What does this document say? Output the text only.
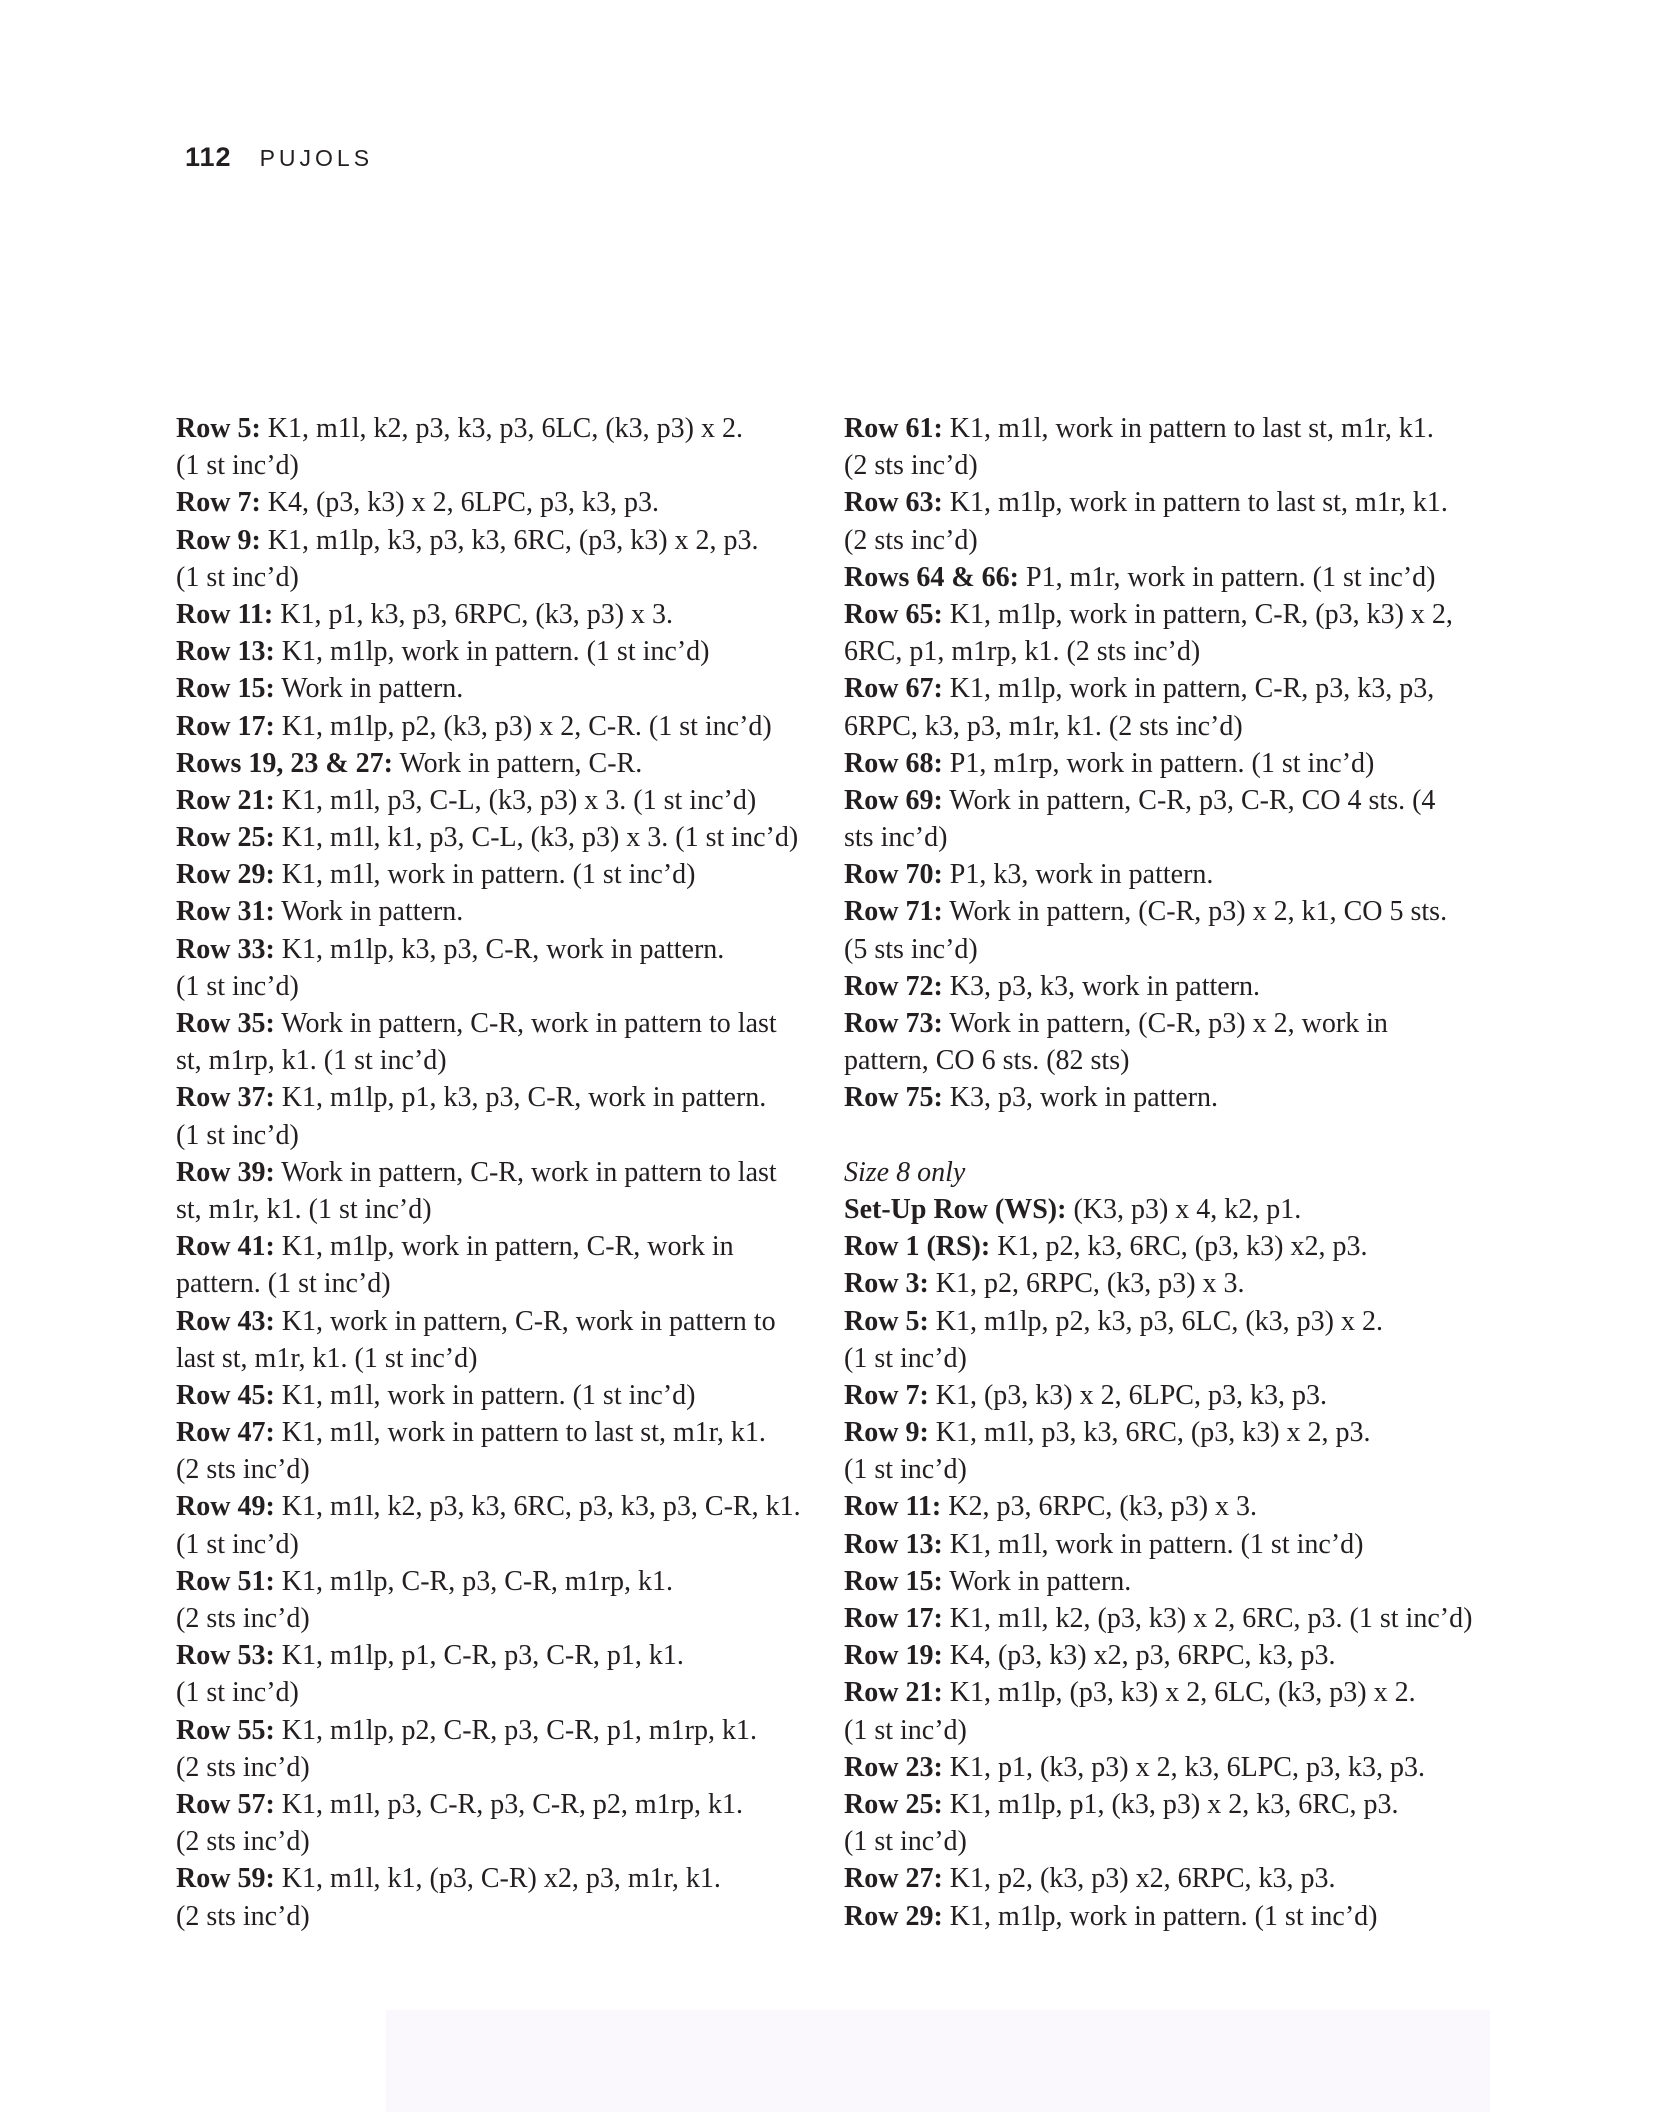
112 PUJOLS
Row 5: K1, m1l, k2, p3, k3, p3, 6LC, (k3, p3) x 2.
(1 st inc’d)
Row 7: K4, (p3, k3) x 2, 6LPC, p3, k3, p3.
Row 9: K1, m1lp, k3, p3, k3, 6RC, (p3, k3) x 2, p3.
(1 st inc’d)
Row 11: K1, p1, k3, p3, 6RPC, (k3, p3) x 3.
Row 13: K1, m1lp, work in pattern. (1 st inc’d)
Row 15: Work in pattern.
Row 17: K1, m1lp, p2, (k3, p3) x 2, C-R. (1 st inc’d)
Rows 19, 23 & 27: Work in pattern, C-R.
Row 21: K1, m1l, p3, C-L, (k3, p3) x 3. (1 st inc’d)
Row 25: K1, m1l, k1, p3, C-L, (k3, p3) x 3. (1 st inc’d)
Row 29: K1, m1l, work in pattern. (1 st inc’d)
Row 31: Work in pattern.
Row 33: K1, m1lp, k3, p3, C-R, work in pattern.
(1 st inc’d)
Row 35: Work in pattern, C-R, work in pattern to last
st, m1rp, k1. (1 st inc’d)
Row 37: K1, m1lp, p1, k3, p3, C-R, work in pattern.
(1 st inc’d)
Row 39: Work in pattern, C-R, work in pattern to last
st, m1r, k1. (1 st inc’d)
Row 41: K1, m1lp, work in pattern, C-R, work in
pattern. (1 st inc’d)
Row 43: K1, work in pattern, C-R, work in pattern to
last st, m1r, k1. (1 st inc’d)
Row 45: K1, m1l, work in pattern. (1 st inc’d)
Row 47: K1, m1l, work in pattern to last st, m1r, k1.
(2 sts inc’d)
Row 49: K1, m1l, k2, p3, k3, 6RC, p3, k3, p3, C-R, k1.
(1 st inc’d)
Row 51: K1, m1lp, C-R, p3, C-R, m1rp, k1.
(2 sts inc’d)
Row 53: K1, m1lp, p1, C-R, p3, C-R, p1, k1.
(1 st inc’d)
Row 55: K1, m1lp, p2, C-R, p3, C-R, p1, m1rp, k1.
(2 sts inc’d)
Row 57: K1, m1l, p3, C-R, p3, C-R, p2, m1rp, k1.
(2 sts inc’d)
Row 59: K1, m1l, k1, (p3, C-R) x2, p3, m1r, k1.
(2 sts inc’d)
Row 61: K1, m1l, work in pattern to last st, m1r, k1.
(2 sts inc’d)
Row 63: K1, m1lp, work in pattern to last st, m1r, k1.
(2 sts inc’d)
Rows 64 & 66: P1, m1r, work in pattern. (1 st inc’d)
Row 65: K1, m1lp, work in pattern, C-R, (p3, k3) x 2,
6RC, p1, m1rp, k1. (2 sts inc’d)
Row 67: K1, m1lp, work in pattern, C-R, p3, k3, p3,
6RPC, k3, p3, m1r, k1. (2 sts inc’d)
Row 68: P1, m1rp, work in pattern. (1 st inc’d)
Row 69: Work in pattern, C-R, p3, C-R, CO 4 sts. (4
sts inc’d)
Row 70: P1, k3, work in pattern.
Row 71: Work in pattern, (C-R, p3) x 2, k1, CO 5 sts.
(5 sts inc’d)
Row 72: K3, p3, k3, work in pattern.
Row 73: Work in pattern, (C-R, p3) x 2, work in
pattern, CO 6 sts. (82 sts)
Row 75: K3, p3, work in pattern.
Size 8 only
Set-Up Row (WS): (K3, p3) x 4, k2, p1.
Row 1 (RS): K1, p2, k3, 6RC, (p3, k3) x2, p3.
Row 3: K1, p2, 6RPC, (k3, p3) x 3.
Row 5: K1, m1lp, p2, k3, p3, 6LC, (k3, p3) x 2.
(1 st inc’d)
Row 7: K1, (p3, k3) x 2, 6LPC, p3, k3, p3.
Row 9: K1, m1l, p3, k3, 6RC, (p3, k3) x 2, p3.
(1 st inc’d)
Row 11: K2, p3, 6RPC, (k3, p3) x 3.
Row 13: K1, m1l, work in pattern. (1 st inc’d)
Row 15: Work in pattern.
Row 17: K1, m1l, k2, (p3, k3) x 2, 6RC, p3. (1 st inc’d)
Row 19: K4, (p3, k3) x2, p3, 6RPC, k3, p3.
Row 21: K1, m1lp, (p3, k3) x 2, 6LC, (k3, p3) x 2.
(1 st inc’d)
Row 23: K1, p1, (k3, p3) x 2, k3, 6LPC, p3, k3, p3.
Row 25: K1, m1lp, p1, (k3, p3) x 2, k3, 6RC, p3.
(1 st inc’d)
Row 27: K1, p2, (k3, p3) x2, 6RPC, k3, p3.
Row 29: K1, m1lp, work in pattern. (1 st inc’d)
